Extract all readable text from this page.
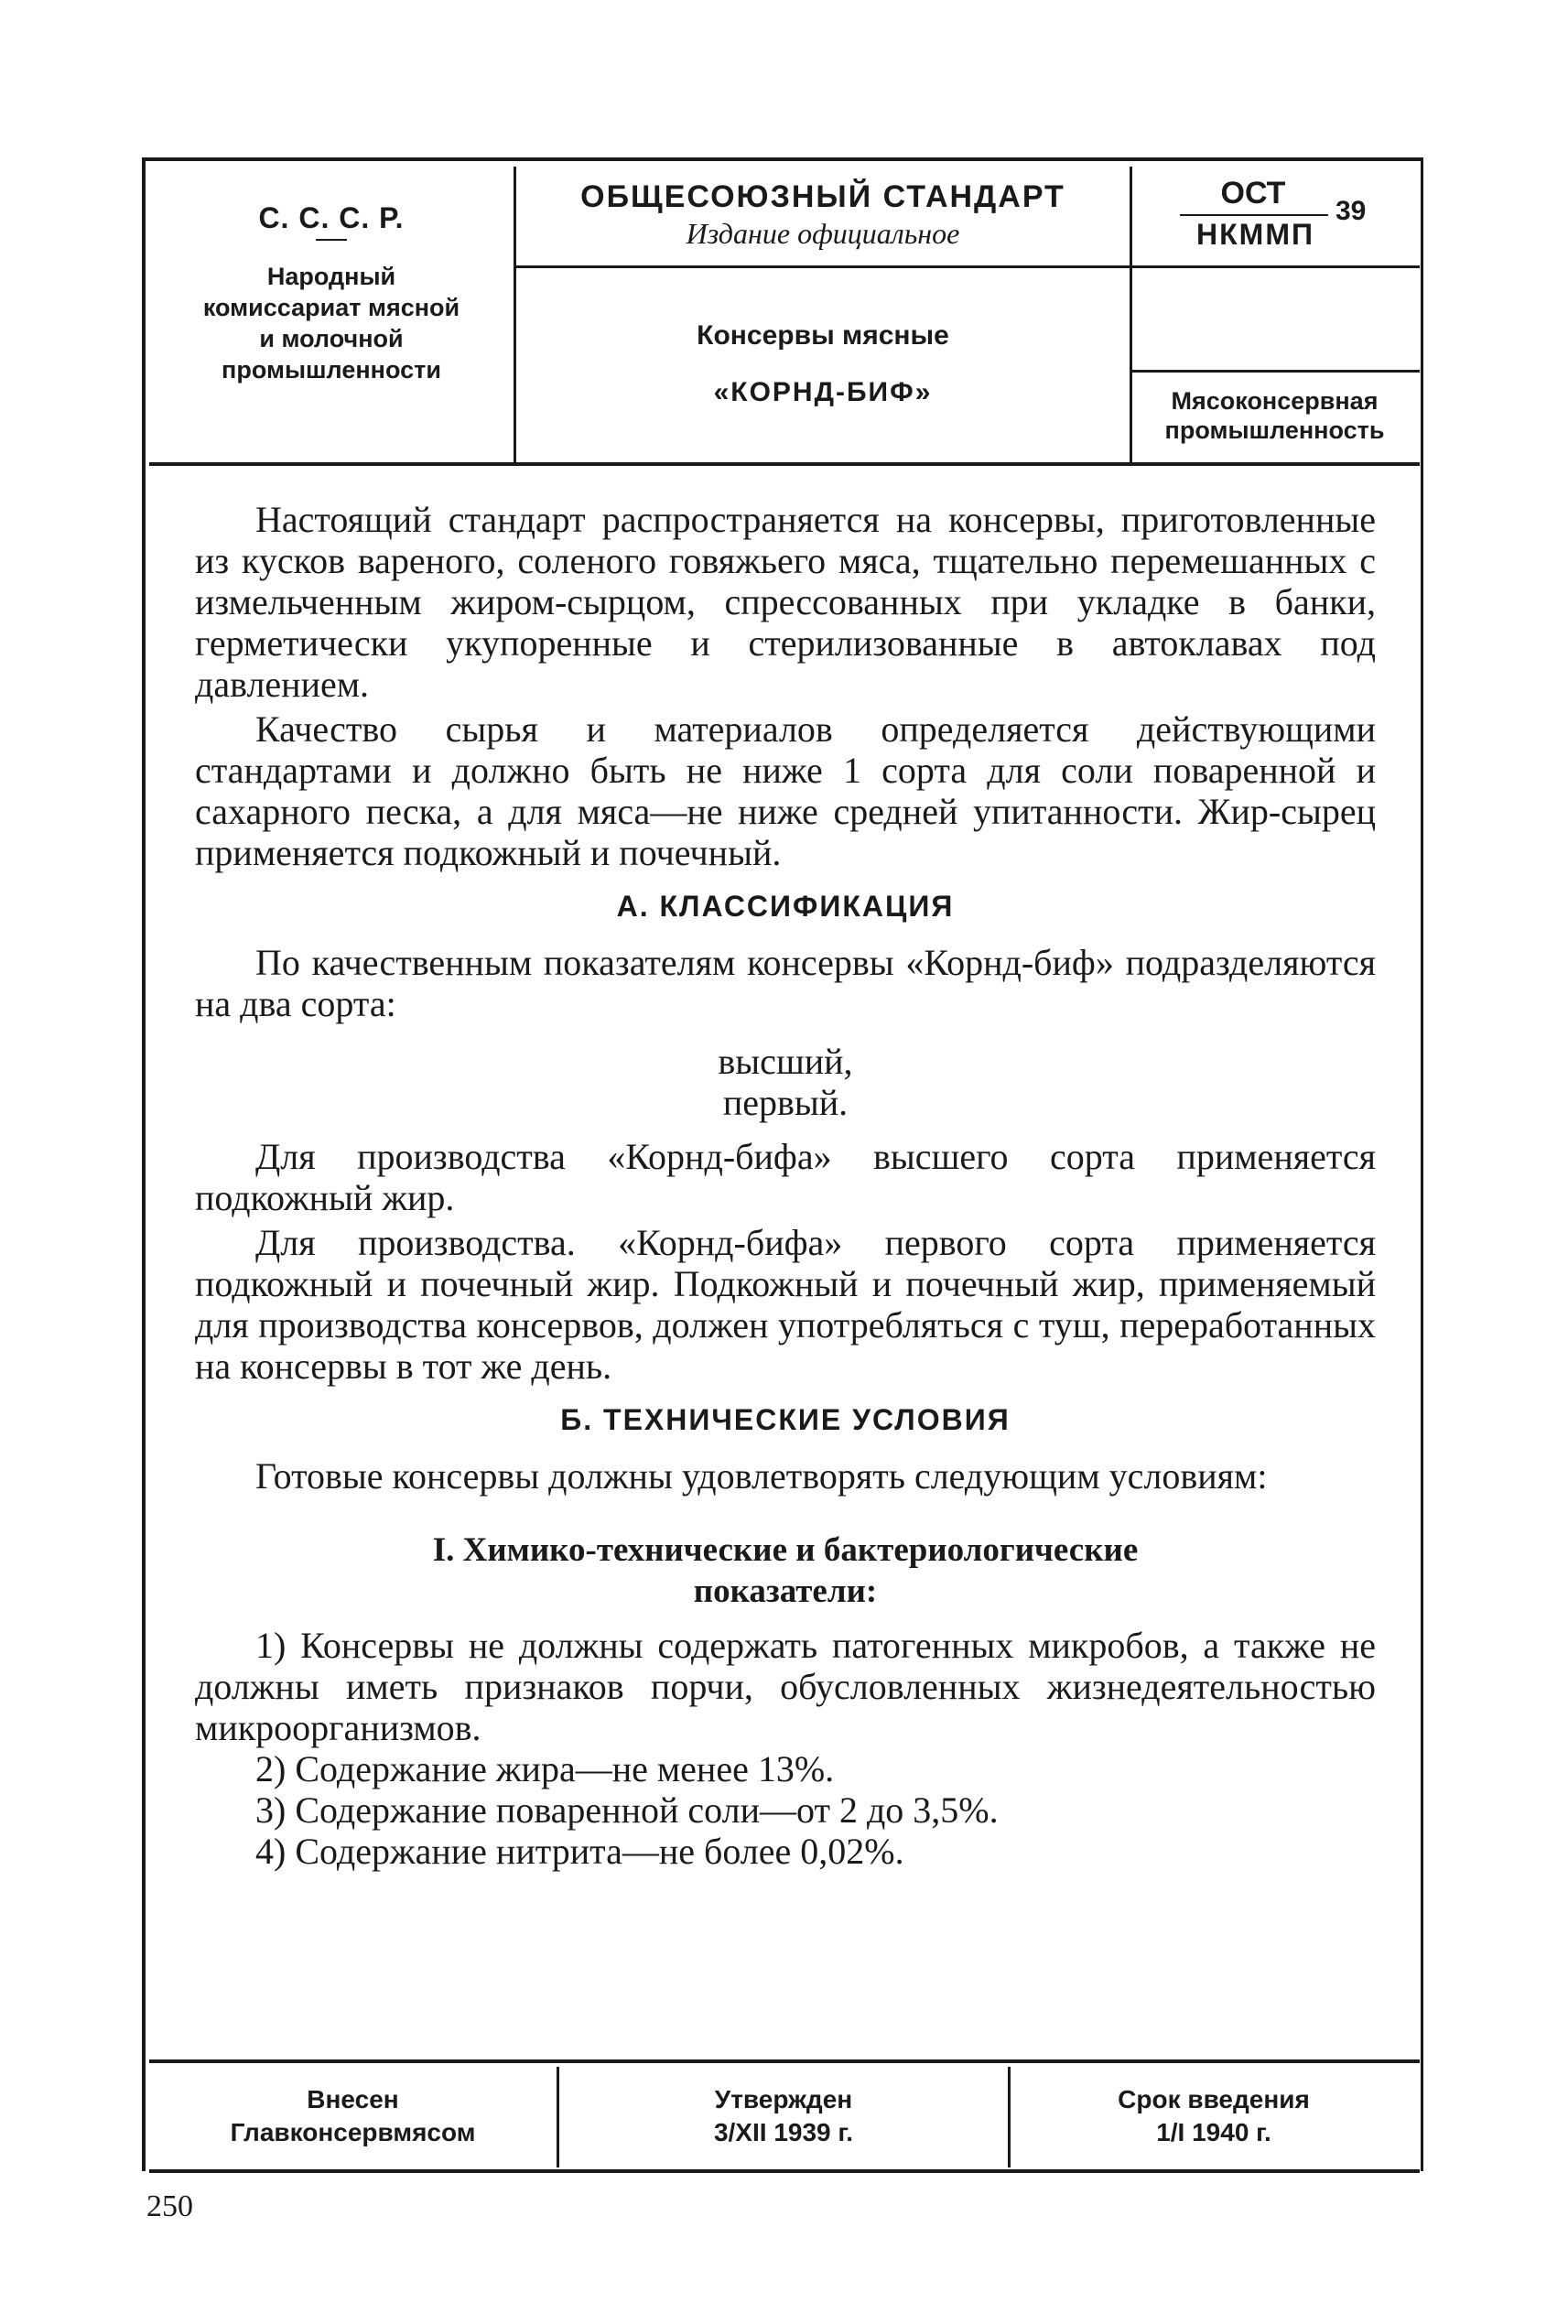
С. С. С. Р.
Народный
комиссариат мясной
и молочной
промышленности
ОБЩЕСОЮЗНЫЙ СТАНДАРТ
Издание официальное
Консервы мясные
«КОРНД-БИФ»
ОСТ
НКММП
39
Мясоконсервная
промышленность

Настоящий стандарт распространяется на консервы, приготовленные из кусков вареного, соленого говяжьего мяса, тщательно перемешанных с измельченным жиром-сырцом, спрессованных при укладке в банки, герметически укупоренные и стерилизованные в автоклавах под давлением.

Качество сырья и материалов определяется действующими стандартами и должно быть не ниже 1 сорта для соли поваренной и сахарного песка, а для мяса—не ниже средней упитанности. Жир-сырец применяется подкожный и почечный.

А. КЛАССИФИКАЦИЯ

По качественным показателям консервы «Корнд-биф» подразделяются на два сорта:

высший,
первый.

Для производства «Корнд-бифа» высшего сорта применяется подкожный жир.

Для производства. «Корнд-бифа» первого сорта применяется подкожный и почечный жир. Подкожный и почечный жир, применяемый для производства консервов, должен употребляться с туш, переработанных на консервы в тот же день.

Б. ТЕХНИЧЕСКИЕ УСЛОВИЯ

Готовые консервы должны удовлетворять следующим условиям:

I. Химико-технические и бактериологические
показатели:

1) Консервы не должны содержать патогенных микробов, а также не должны иметь признаков порчи, обусловленных жизнедеятельностью микроорганизмов.

2) Содержание жира—не менее 13%.

3) Содержание поваренной соли—от 2 до 3,5%.

4) Содержание нитрита—не более 0,02%.

Внесен
Главконсервмясом
Утвержден
3/XII 1939 г.
Срок введения
1/I 1940 г.
250
